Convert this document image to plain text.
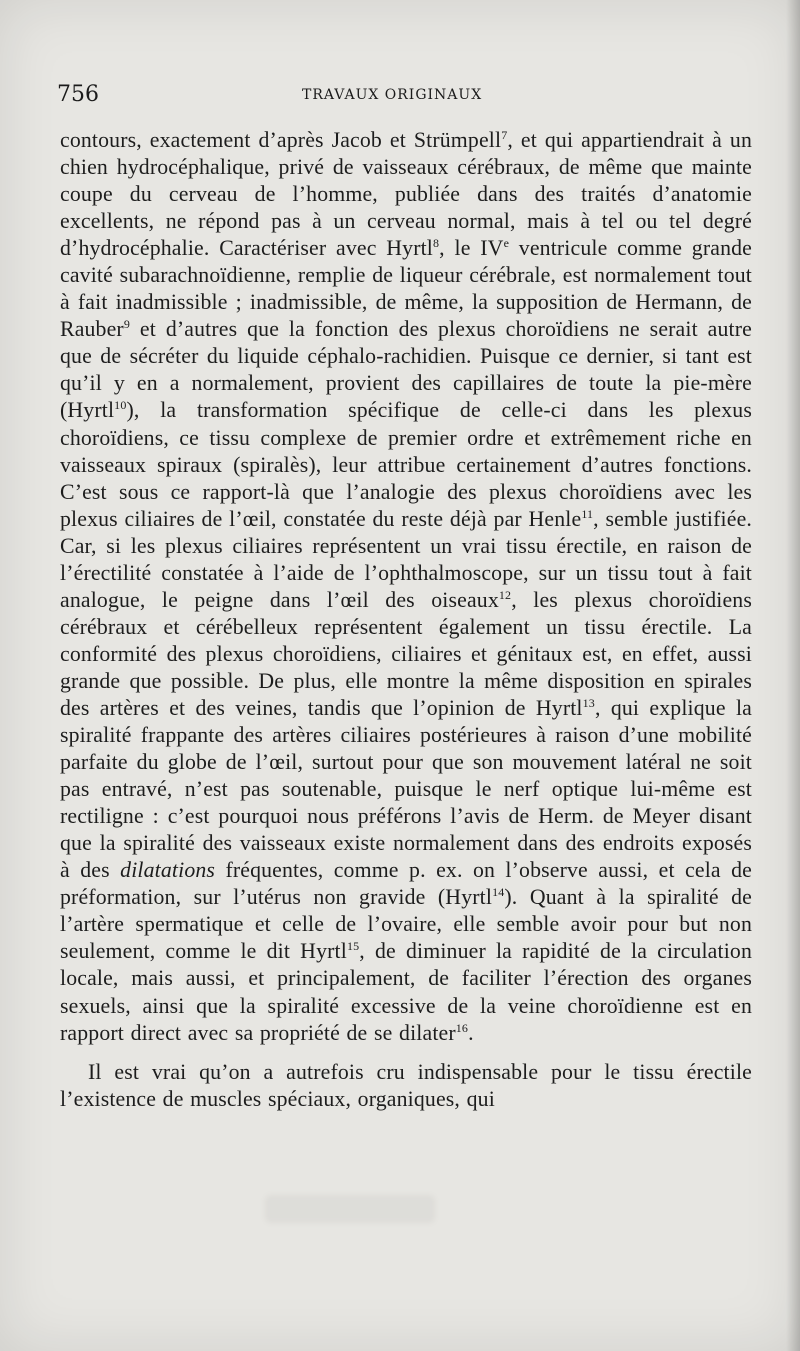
756	TRAVAUX ORIGINAUX

contours, exactement d’après Jacob et Strümpell$^7$, et qui appartiendrait à un chien hydrocéphalique, privé de vaisseaux cérébraux, de même que mainte coupe du cerveau de l’homme, publiée dans des traités d’anatomie excellents, ne répond pas à un cerveau normal, mais à tel ou tel degré d’hydrocéphalie. Caractériser avec Hyrtl$^8$, le IVe ventricule comme grande cavité subarachnoïdienne, remplie de liqueur cérébrale, est normalement tout à fait inadmissible ; inadmissible, de même, la supposition de Hermann, de Rauber$^9$ et d’autres que la fonction des plexus choroïdiens ne serait autre que de sécréter du liquide céphalo-rachidien. Puisque ce dernier, si tant est qu’il y en a normalement, provient des capillaires de toute la pie-mère (Hyrtl$^{10}$), la transformation spécifique de celle-ci dans les plexus choroïdiens, ce tissu complexe de premier ordre et extrêmement riche en vaisseaux spiraux (spiralès), leur attribue certainement d’autres fonctions. C’est sous ce rapport-là que l’analogie des plexus choroïdiens avec les plexus ciliaires de l’œil, constatée du reste déjà par Henle$^{11}$, semble justifiée. Car, si les plexus ciliaires représentent un vrai tissu érectile, en raison de l’érectilité constatée à l’aide de l’ophthalmoscope, sur un tissu tout à fait analogue, le peigne dans l’œil des oiseaux$^{12}$, les plexus choroïdiens cérébraux et cérébelleux représentent également un tissu érectile. La conformité des plexus choroïdiens, ciliaires et génitaux est, en effet, aussi grande que possible. De plus, elle montre la même disposition en spirales des artères et des veines, tandis que l’opinion de Hyrtl$^{13}$, qui explique la spiralité frappante des artères ciliaires postérieures à raison d’une mobilité parfaite du globe de l’œil, surtout pour que son mouvement latéral ne soit pas entravé, n’est pas soutenable, puisque le nerf optique lui-même est rectiligne : c’est pourquoi nous préférons l’avis de Herm. de Meyer disant que la spiralité des vaisseaux existe normalement dans des endroits exposés à des dilatations fréquentes, comme p. ex. on l’observe aussi, et cela de préformation, sur l’utérus non gravide (Hyrtl$^{14}$). Quant à la spiralité de l’artère spermatique et celle de l’ovaire, elle semble avoir pour but non seulement, comme le dit Hyrtl$^{15}$, de diminuer la rapidité de la circulation locale, mais aussi, et principalement, de faciliter l’érection des organes sexuels, ainsi que la spiralité excessive de la veine choroïdienne est en rapport direct avec sa propriété de se dilater$^{16}$.

Il est vrai qu’on a autrefois cru indispensable pour le tissu érectile l’existence de muscles spéciaux, organiques, qui
